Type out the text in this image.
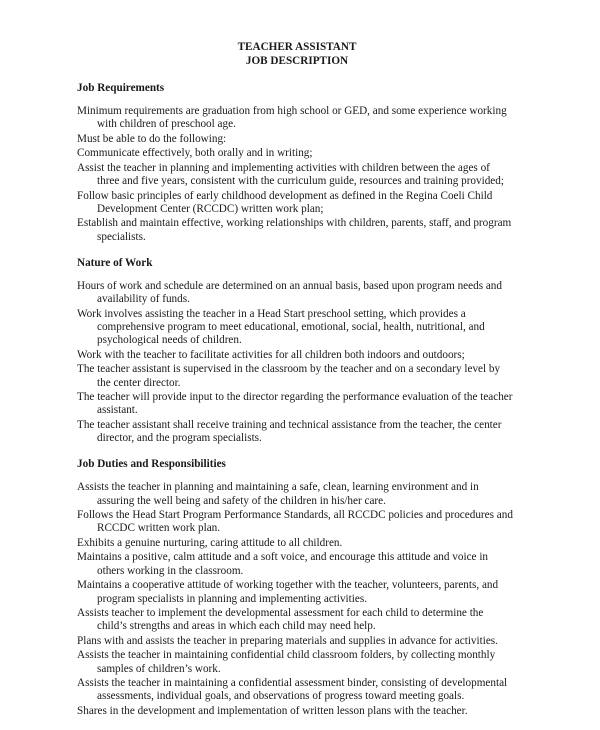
TEACHER ASSISTANT
JOB DESCRIPTION
Job Requirements
Minimum requirements are graduation from high school or GED, and some experience working
with children of preschool age.
Must be able to do the following:
Communicate effectively, both orally and in writing;
Assist the teacher in planning and implementing activities with children between the ages of
three and five years, consistent with the curriculum guide, resources and training provided;
Follow basic principles of early childhood development as defined in the Regina Coeli Child
Development Center (RCCDC) written work plan;
Establish and maintain effective, working relationships with children, parents, staff, and program
specialists.
Nature of Work
Hours of work and schedule are determined on an annual basis, based upon program needs and
availability of funds.
Work involves assisting the teacher in a Head Start preschool setting, which provides a
comprehensive program to meet educational, emotional, social, health, nutritional, and
psychological needs of children.
Work with the teacher to facilitate activities for all children both indoors and outdoors;
The teacher assistant is supervised in the classroom by the teacher and on a secondary level by
the center director.
The teacher will provide input to the director regarding the performance evaluation of the teacher
assistant.
The teacher assistant shall receive training and technical assistance from the teacher, the center
director, and the program specialists.
Job Duties and Responsibilities
Assists the teacher in planning and maintaining a safe, clean, learning environment and in
assuring the well being and safety of the children in his/her care.
Follows the Head Start Program Performance Standards, all RCCDC policies and procedures and
RCCDC written work plan.
Exhibits a genuine nurturing, caring attitude to all children.
Maintains a positive, calm attitude and a soft voice, and encourage this attitude and voice in
others working in the classroom.
Maintains a cooperative attitude of working together with the teacher, volunteers, parents, and
program specialists in planning and implementing activities.
Assists teacher to implement the developmental assessment for each child to determine the
child’s strengths and areas in which each child may need help.
Plans with and assists the teacher in preparing materials and supplies in advance for activities.
Assists the teacher in maintaining confidential child classroom folders, by collecting monthly
samples of children’s work.
Assists the teacher in maintaining a confidential assessment binder, consisting of developmental
assessments, individual goals, and observations of progress toward meeting goals.
Shares in the development and implementation of written lesson plans with the teacher.
